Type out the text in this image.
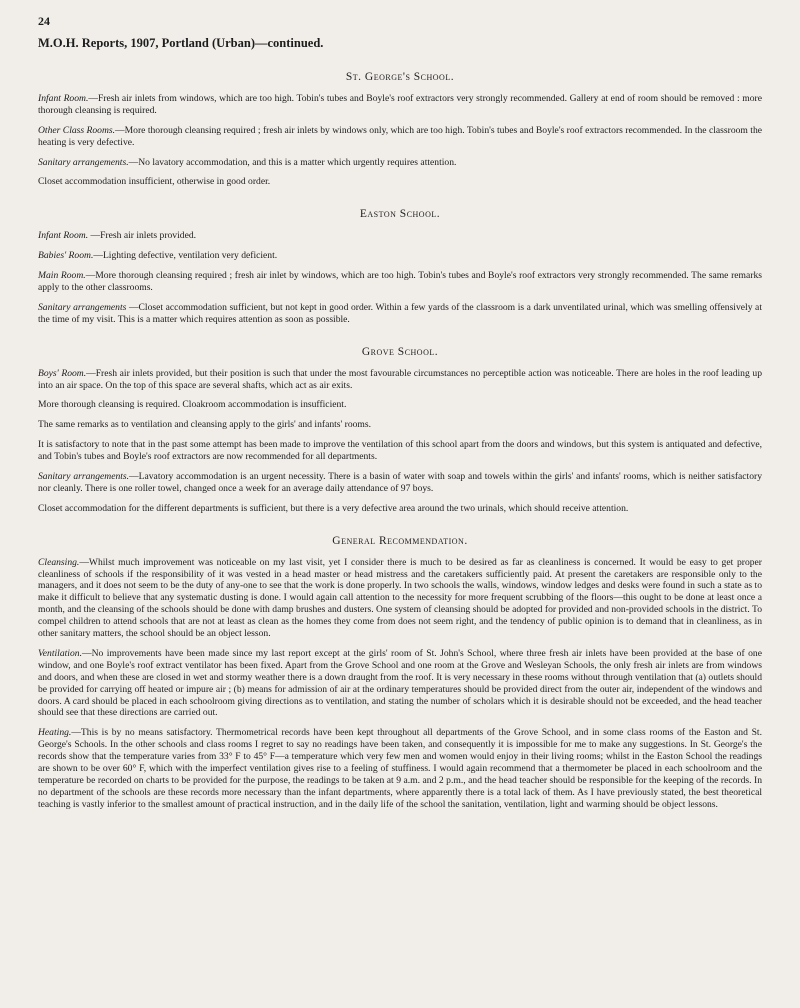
24
M.O.H. Reports, 1907, Portland (Urban)—continued.
St. George's School.

Infant Room.—Fresh air inlets from windows, which are too high. Tobin's tubes and Boyle's roof extractors very strongly recommended. Gallery at end of room should be removed : more thorough cleansing is required.

Other Class Rooms.—More thorough cleansing required ; fresh air inlets by windows only, which are too high. Tobin's tubes and Boyle's roof extractors recommended. In the classroom the heating is very defective.

Sanitary arrangements.—No lavatory accommodation, and this is a matter which urgently requires attention.

Closet accommodation insufficient, otherwise in good order.

Easton School.

Infant Room. —Fresh air inlets provided.

Babies' Room.—Lighting defective, ventilation very deficient.

Main Room.—More thorough cleansing required ; fresh air inlet by windows, which are too high. Tobin's tubes and Boyle's roof extractors very strongly recommended. The same remarks apply to the other classrooms.

Sanitary arrangements —Closet accommodation sufficient, but not kept in good order. Within a few yards of the classroom is a dark unventilated urinal, which was smelling offensively at the time of my visit. This is a matter which requires attention as soon as possible.

Grove School.

Boys' Room.—Fresh air inlets provided, but their position is such that under the most favourable circumstances no perceptible action was noticeable. There are holes in the roof leading up into an air space. On the top of this space are several shafts, which act as air exits.

More thorough cleansing is required. Cloakroom accommodation is insufficient.

The same remarks as to ventilation and cleansing apply to the girls' and infants' rooms.

It is satisfactory to note that in the past some attempt has been made to improve the ventilation of this school apart from the doors and windows, but this system is antiquated and defective, and Tobin's tubes and Boyle's roof extractors are now recommended for all departments.

Sanitary arrangements.—Lavatory accommodation is an urgent necessity. There is a basin of water with soap and towels within the girls' and infants' rooms, which is neither satisfactory nor cleanly. There is one roller towel, changed once a week for an average daily attendance of 97 boys.

Closet accommodation for the different departments is sufficient, but there is a very defective area around the two urinals, which should receive attention.

General Recommendation.

Cleansing.—Whilst much improvement was noticeable on my last visit, yet I consider there is much to be desired as far as cleanliness is concerned. It would be easy to get proper cleanliness of schools if the responsibility of it was vested in a head master or head mistress and the caretakers sufficiently paid. At present the caretakers are responsible only to the managers, and it does not seem to be the duty of any-one to see that the work is done properly. In two schools the walls, windows, window ledges and desks were found in such a state as to make it difficult to believe that any systematic dusting is done. I would again call attention to the necessity for more frequent scrubbing of the floors—this ought to be done at least once a month, and the cleansing of the schools should be done with damp brushes and dusters. One system of cleansing should be adopted for provided and non-provided schools in the district. To compel children to attend schools that are not at least as clean as the homes they come from does not seem right, and the tendency of public opinion is to demand that in cleanliness, as in other sanitary matters, the school should be an object lesson.

Ventilation.—No improvements have been made since my last report except at the girls' room of St. John's School, where three fresh air inlets have been provided at the base of one window, and one Boyle's roof extract ventilator has been fixed. Apart from the Grove School and one room at the Grove and Wesleyan Schools, the only fresh air inlets are from windows and doors, and when these are closed in wet and stormy weather there is a down draught from the roof. It is very necessary in these rooms without through ventilation that (a) outlets should be provided for carrying off heated or impure air ; (b) means for admission of air at the ordinary temperatures should be provided direct from the outer air, independent of the windows and doors. A card should be placed in each schoolroom giving directions as to ventilation, and stating the number of scholars which it is desirable should not be exceeded, and the head teacher should see that these directions are carried out.

Heating.—This is by no means satisfactory. Thermometrical records have been kept throughout all departments of the Grove School, and in some class rooms of the Easton and St. George's Schools. In the other schools and class rooms I regret to say no readings have been taken, and consequently it is impossible for me to make any suggestions. In St. George's the records show that the temperature varies from 33° F to 45° F—a temperature which very few men and women would enjoy in their living rooms; whilst in the Easton School the readings are shown to be over 60° F, which with the imperfect ventilation gives rise to a feeling of stuffiness. I would again recommend that a thermometer be placed in each schoolroom and the temperature be recorded on charts to be provided for the purpose, the readings to be taken at 9 a.m. and 2 p.m., and the head teacher should be responsible for the keeping of the records. In no department of the schools are these records more necessary than the infant departments, where apparently there is a total lack of them. As I have previously stated, the best theoretical teaching is vastly inferior to the smallest amount of practical instruction, and in the daily life of the school the sanitation, ventilation, light and warming should be object lessons.
